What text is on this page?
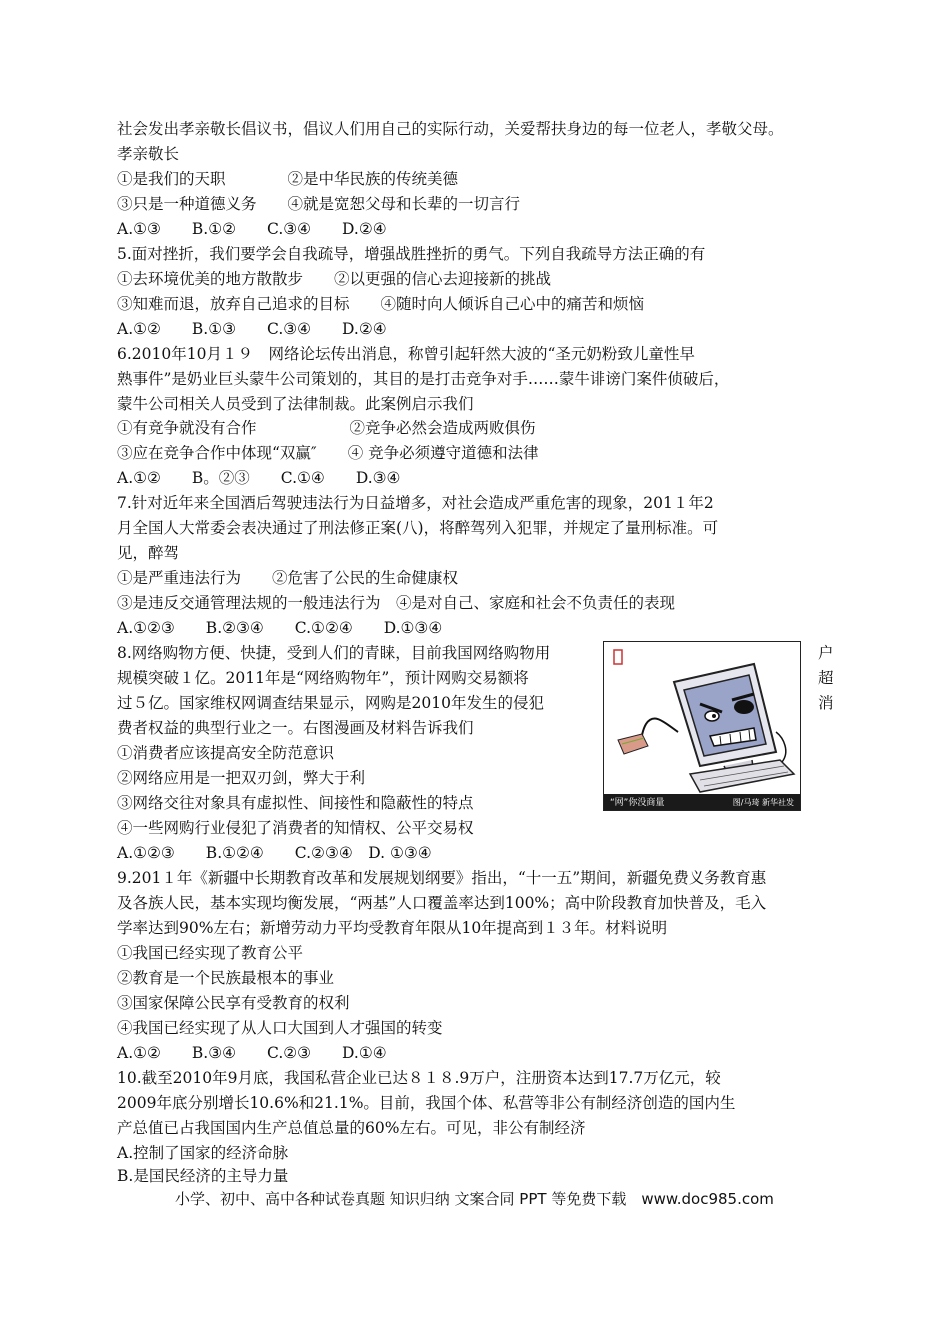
社会发出孝亲敬长倡议书，倡议人们用自己的实际行动，关爱帮扶身边的每一位老人，孝敬父母。
孝亲敬长
①是我们的天职　　　　②是中华民族的传统美德
③只是一种道德义务　　④就是宽恕父母和长辈的一切言行
A.①③　　B.①②　　C.③④　　D.②④
5.面对挫折，我们要学会自我疏导，增强战胜挫折的勇气。下列自我疏导方法正确的有
①去环境优美的地方散散步　　②以更强的信心去迎接新的挑战
③知难而退，放弃自己追求的目标　　④随时向人倾诉自己心中的痛苦和烦恼
A.①②　　B.①③　　C.③④　　D.②④
6.2010年10月１９　网络论坛传出消息，称曾引起轩然大波的“圣元奶粉致儿童性早
熟事件”是奶业巨头蒙牛公司策划的，其目的是打击竞争对手……蒙牛诽谤门案件侦破后，
蒙牛公司相关人员受到了法律制裁。此案例启示我们
①有竞争就没有合作　　　　　　②竞争必然会造成两败俱伤
③应在竞争合作中体现“双赢″　　④ 竞争必须遵守道德和法律
A.①②　　B。②③　　C.①④　　D.③④
7.针对近年来全国酒后驾驶违法行为日益增多，对社会造成严重危害的现象，201１年2
月全国人大常委会表决通过了刑法修正案(八)，将醉驾列入犯罪，并规定了量刑标准。可
见，醉驾
①是严重违法行为　　②危害了公民的生命健康权
③是违反交通管理法规的一般违法行为　④是对自己、家庭和社会不负责任的表现
A.①②③　　B.②③④　　C.①②④　　D.①③④
8.网络购物方便、快捷，受到人们的青睐，目前我国网络购物用
规模突破１亿。2011年是“网络购物年”，预计网购交易额将
过５亿。国家维权网调查结果显示，网购是2010年发生的侵犯
费者权益的典型行业之一。右图漫画及材料告诉我们
①消费者应该提高安全防范意识
②网络应用是一把双刃剑，弊大于利
③网络交往对象具有虚拟性、间接性和隐蔽性的特点
④一些网购行业侵犯了消费者的知情权、公平交易权
A.①②③　　B.①②④　　C.②③④　D. ①③④
户
超
消
“网”你没商量	图/马琦 新华社发
9.201１年《新疆中长期教育改革和发展规划纲要》指出，“十一五”期间，新疆免费义务教育惠
及各族人民，基本实现均衡发展，“两基”人口覆盖率达到100%；高中阶段教育加快普及，毛入
学率达到90%左右；新增劳动力平均受教育年限从10年提高到１３年。材料说明
①我国已经实现了教育公平
②教育是一个民族最根本的事业
③国家保障公民享有受教育的权利
④我国已经实现了从人口大国到人才强国的转变
A.①②　　B.③④　　C.②③　　D.①④
10.截至2010年9月底，我国私营企业已达８１８.9万户，注册资本达到17.7万亿元，较
2009年底分别增长10.6%和21.1%。目前，我国个体、私营等非公有制经济创造的国内生
产总值已占我国国内生产总值总量的60%左右。可见，非公有制经济
A.控制了国家的经济命脉
B.是国民经济的主导力量
小学、初中、高中各种试卷真题 知识归纳 文案合同 PPT 等免费下载　www.doc985.com
